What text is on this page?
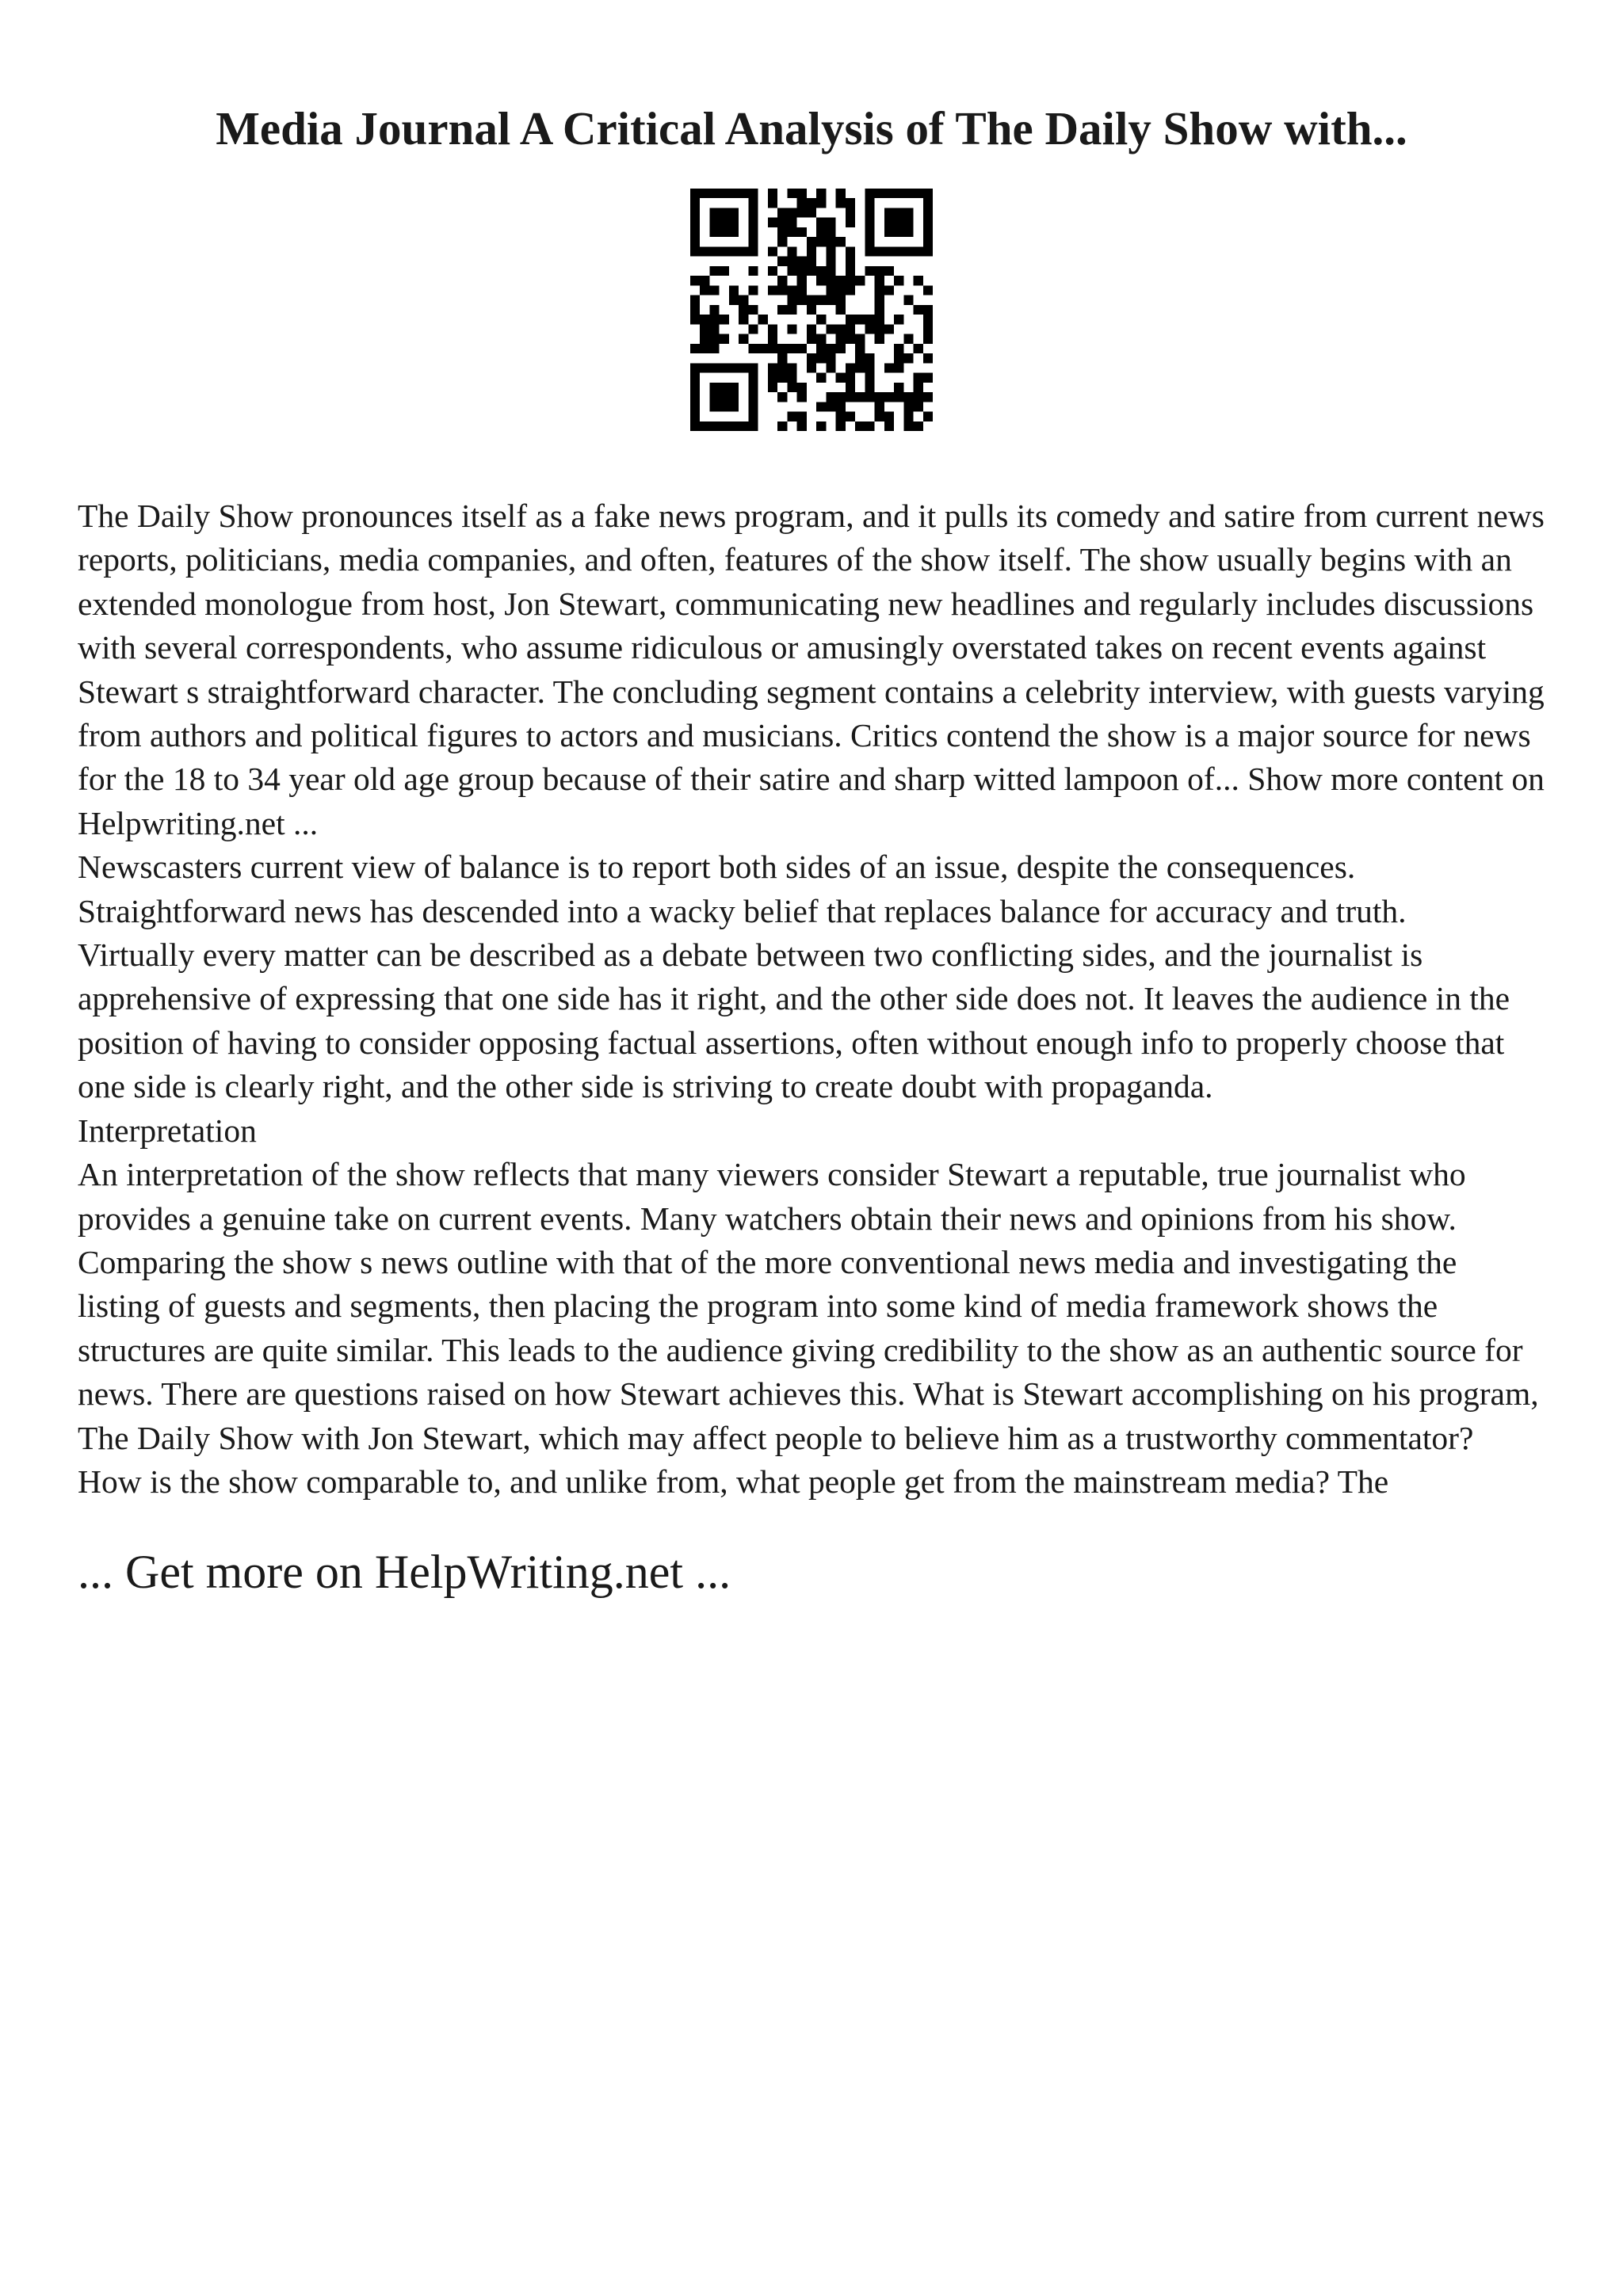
Media Journal A Critical Analysis of The Daily Show with...

The Daily Show pronounces itself as a fake news program, and it pulls its comedy and satire from current news reports, politicians, media companies, and often, features of the show itself. The show usually begins with an extended monologue from host, Jon Stewart, communicating new headlines and regularly includes discussions with several correspondents, who assume ridiculous or amusingly overstated takes on recent events against Stewart s straightforward character. The concluding segment contains a celebrity interview, with guests varying from authors and political figures to actors and musicians. Critics contend the show is a major source for news for the 18 to 34 year old age group because of their satire and sharp witted lampoon of... Show more content on Helpwriting.net ...

Newscasters current view of balance is to report both sides of an issue, despite the consequences. Straightforward news has descended into a wacky belief that replaces balance for accuracy and truth.

Virtually every matter can be described as a debate between two conflicting sides, and the journalist is apprehensive of expressing that one side has it right, and the other side does not. It leaves the audience in the position of having to consider opposing factual assertions, often without enough info to properly choose that one side is clearly right, and the other side is striving to create doubt with propaganda.

Interpretation

An interpretation of the show reflects that many viewers consider Stewart a reputable, true journalist who provides a genuine take on current events. Many watchers obtain their news and opinions from his show. Comparing the show s news outline with that of the more conventional news media and investigating the listing of guests and segments, then placing the program into some kind of media framework shows the structures are quite similar. This leads to the audience giving credibility to the show as an authentic source for news. There are questions raised on how Stewart achieves this. What is Stewart accomplishing on his program, The Daily Show with Jon Stewart, which may affect people to believe him as a trustworthy commentator? How is the show comparable to, and unlike from, what people get from the mainstream media? The

... Get more on HelpWriting.net ...
